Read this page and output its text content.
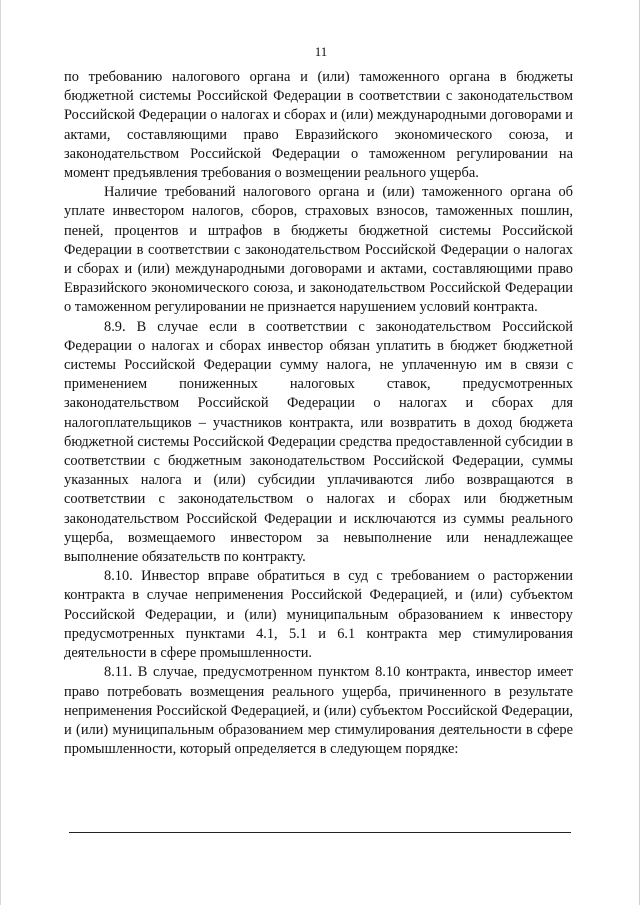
11

по требованию налогового органа и (или) таможенного органа в бюджеты бюджетной системы Российской Федерации в соответствии с законодательством Российской Федерации о налогах и сборах и (или) международными договорами и актами, составляющими право Евразийского экономического союза, и законодательством Российской Федерации о таможенном регулировании на момент предъявления требования о возмещении реального ущерба.

Наличие требований налогового органа и (или) таможенного органа об уплате инвестором налогов, сборов, страховых взносов, таможенных пошлин, пеней, процентов и штрафов в бюджеты бюджетной системы Российской Федерации в соответствии с законодательством Российской Федерации о налогах и сборах и (или) международными договорами и актами, составляющими право Евразийского экономического союза, и законодательством Российской Федерации о таможенном регулировании не признается нарушением условий контракта.

8.9. В случае если в соответствии с законодательством Российской Федерации о налогах и сборах инвестор обязан уплатить в бюджет бюджетной системы Российской Федерации сумму налога, не уплаченную им в связи с применением пониженных налоговых ставок, предусмотренных законодательством Российской Федерации о налогах и сборах для налогоплательщиков – участников контракта, или возвратить в доход бюджета бюджетной системы Российской Федерации средства предоставленной субсидии в соответствии с бюджетным законодательством Российской Федерации, суммы указанных налога и (или) субсидии уплачиваются либо возвращаются в соответствии с законодательством о налогах и сборах или бюджетным законодательством Российской Федерации и исключаются из суммы реального ущерба, возмещаемого инвестором за невыполнение или ненадлежащее выполнение обязательств по контракту.

8.10. Инвестор вправе обратиться в суд с требованием о расторжении контракта в случае неприменения Российской Федерацией, и (или) субъектом Российской Федерации, и (или) муниципальным образованием к инвестору предусмотренных пунктами 4.1, 5.1 и 6.1 контракта мер стимулирования деятельности в сфере промышленности.

8.11. В случае, предусмотренном пунктом 8.10 контракта, инвестор имеет право потребовать возмещения реального ущерба, причиненного в результате неприменения Российской Федерацией, и (или) субъектом Российской Федерации, и (или) муниципальным образованием мер стимулирования деятельности в сфере промышленности, который определяется в следующем порядке:
